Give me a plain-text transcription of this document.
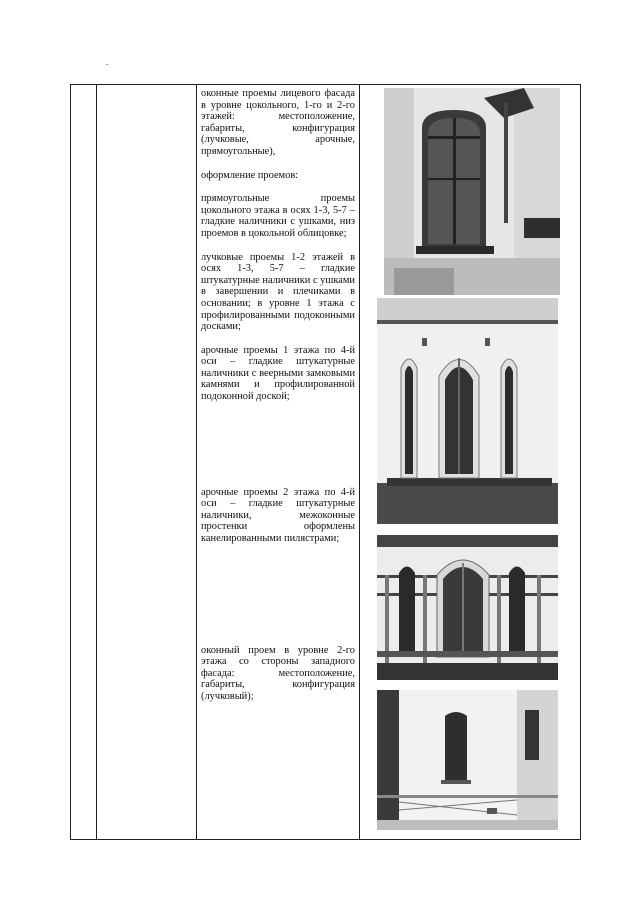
оконные проемы лицевого фасада в уровне цокольного, 1-го и 2-го этажей: местоположение, габариты, конфигурация (лучковые, арочные, прямоугольные),

оформление проемов:

прямоугольные проемы цокольного этажа в осях 1-3, 5-7 – гладкие наличники с ушками, низ проемов в цокольной облицовке;

лучковые проемы 1-2 этажей в осях 1-3, 5-7 – гладкие штукатурные наличники с ушками в завершении и плечиками в основании; в уровне 1 этажа с профилированными подоконными досками;

арочные проемы 1 этажа по 4-й оси – гладкие штукатурные наличники с веерными замковыми камнями и профилированной подоконной доской;

арочные проемы 2 этажа по 4-й оси – гладкие штукатурные наличники, межоконные простенки оформлены канелированными пилястрами;

оконный проем в уровне 2-го этажа со стороны западного фасада: местоположение, габариты, конфигурация (лучковый);
